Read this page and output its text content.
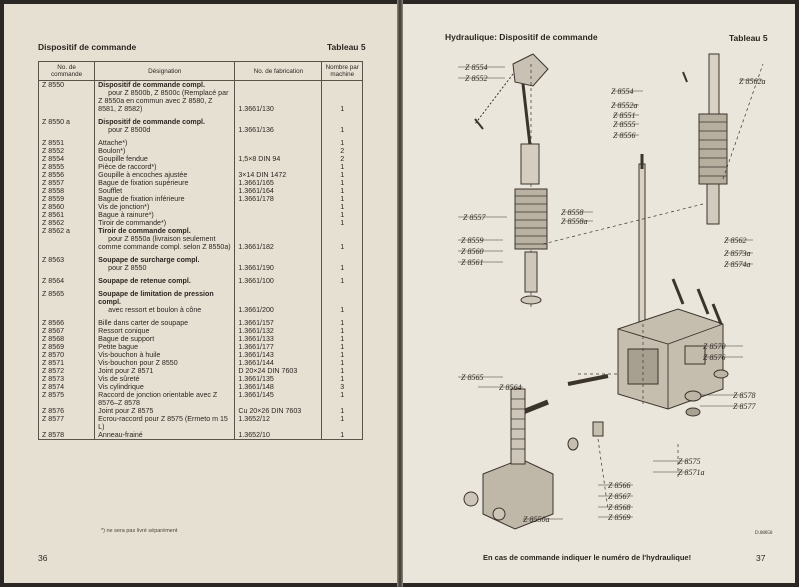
Dispositif de commande	Tableau 5
No. de commande	Désignation	No. de fabrication	Nombre par machine
Z 8550	Dispositif de commande compl.
pour Z 8500b, Z 8500c (Remplacé par Z 8550a en commun avec Z 8580, Z 8581, Z 8582)	1.3661/130	1

Z 8550 a	Dispositif de commande compl.
pour Z 8500d	1.3661/136	1

Z 8551	Attache*)		1
Z 8552	Boulon*)		2
Z 8554	Goupille fendue	1,5×8 DIN 94	2
Z 8555	Pièce de raccord*)		1
Z 8556	Goupille à encoches ajustée	3×14 DIN 1472	1
Z 8557	Bague de fixation supérieure	1.3661/165	1
Z 8558	Soufflet	1.3661/164	1
Z 8559	Bague de fixation inférieure	1.3661/178	1
Z 8560	Vis de jonction*)		1
Z 8561	Bague à rainure*)		1
Z 8562	Tiroir de commande*)		1
Z 8562 a	Tiroir de commande compl.
pour Z 8550a (livraison seulement comme commande compl. selon Z 8550a)	1.3661/182	1

Z 8563	Soupape de surcharge compl.
pour Z 8550	1.3661/190	1

Z 8564	Soupape de retenue compl.	1.3661/100	1

Z 8565	Soupape de limitation de pression compl.
avec ressort et boulon à cône	1.3661/200	1

Z 8566	Bille dans carter de soupape	1.3661/157	1
Z 8567	Ressort conique	1.3661/132	1
Z 8568	Bague de support	1.3661/133	1
Z 8569	Petite bague	1.3661/177	1
Z 8570	Vis-bouchon à huile	1.3661/143	1
Z 8571	Vis-bouchon pour Z 8550	1.3661/144	1
Z 8572	Joint pour Z 8571	D 20×24 DIN 7603	1
Z 8573	Vis de sûreté	1.3661/135	1
Z 8574	Vis cylindrique	1.3661/148	3
Z 8575	Raccord de jonction orientable avec Z 8576–Z 8578	1.3661/145	1
Z 8576	Joint pour Z 8575	Cu 20×26 DIN 7603	1
Z 8577	Ecrou-raccord pour Z 8575 (Ermeto m 15 L)	1.3652/12	1
Z 8578	Anneau-frainé	1.3652/10	1
*) ne sera pas livré séparément
36
Hydraulique: Dispositif de commande	Tableau 5
Z 8554
Z 8552
Z 8554
Z 8552a
Z 8551
Z 8555
Z 8556
Z 8562a
Z 8557
Z 8558
Z 8558a
Z 8559
Z 8560
Z 8561
Z 8562
Z 8573a
Z 8574a
Z 8570
Z 8576
Z 8565
Z 8564
Z 8578
Z 8577
Z 8575
Z 8571a
Z 8566
Z 8567
Z 8568
Z 8569
Z 8550a
D.08050
En cas de commande indiquer le numéro de l'hydraulique!	37
